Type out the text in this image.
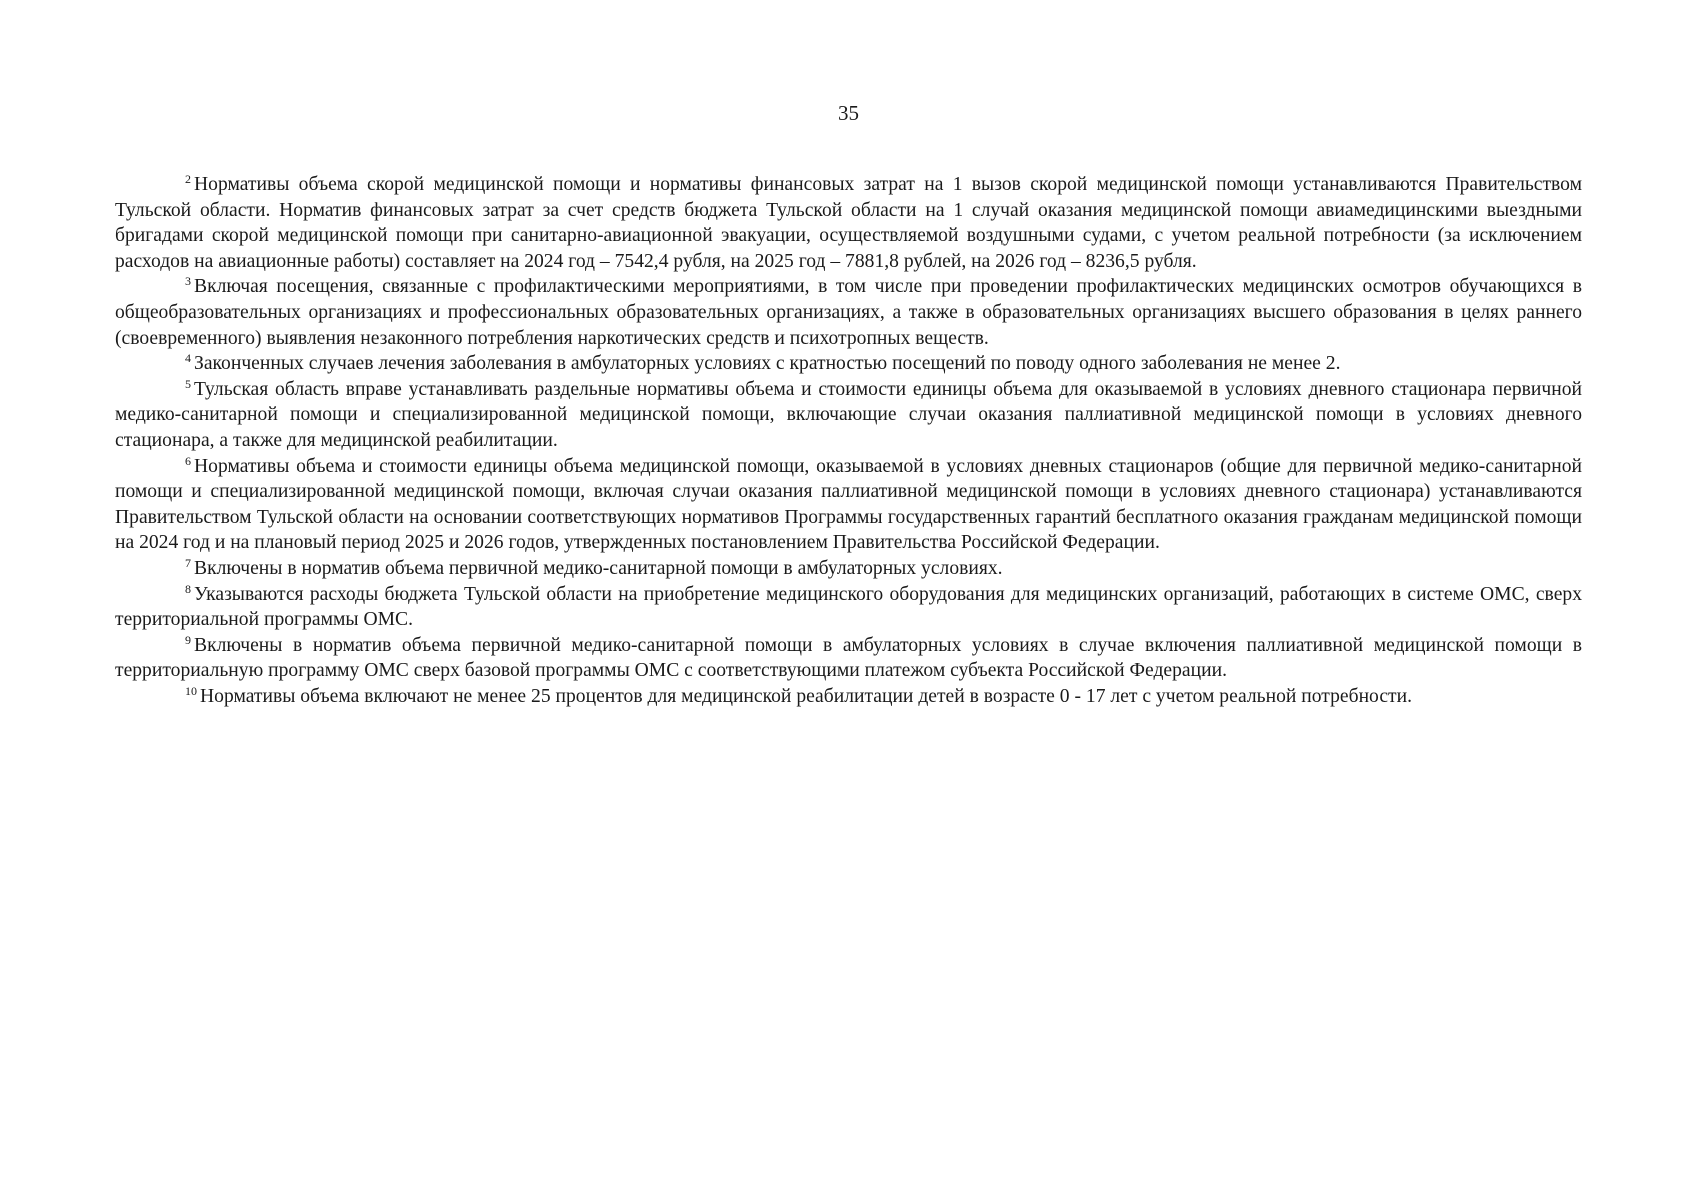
35

$^2$ Нормативы объема скорой медицинской помощи и нормативы финансовых затрат на 1 вызов скорой медицинской помощи устанавливаются Правительством Тульской области. Норматив финансовых затрат за счет средств бюджета Тульской области на 1 случай оказания медицинской помощи авиамедицинскими выездными бригадами скорой медицинской помощи при санитарно-авиационной эвакуации, осуществляемой воздушными судами, с учетом реальной потребности (за исключением расходов на авиационные работы) составляет на 2024 год – 7542,4 рубля, на 2025 год – 7881,8 рублей, на 2026 год – 8236,5 рубля.

$^3$ Включая посещения, связанные с профилактическими мероприятиями, в том числе при проведении профилактических медицинских осмотров обучающихся в общеобразовательных организациях и профессиональных образовательных организациях, а также в образовательных организациях высшего образования в целях раннего (своевременного) выявления незаконного потребления наркотических средств и психотропных веществ.

$^4$ Законченных случаев лечения заболевания в амбулаторных условиях с кратностью посещений по поводу одного заболевания не менее 2.

$^5$ Тульская область вправе устанавливать раздельные нормативы объема и стоимости единицы объема для оказываемой в условиях дневного стационара первичной медико-санитарной помощи и специализированной медицинской помощи, включающие случаи оказания паллиативной медицинской помощи в условиях дневного стационара, а также для медицинской реабилитации.

$^6$ Нормативы объема и стоимости единицы объема медицинской помощи, оказываемой в условиях дневных стационаров (общие для первичной медико-санитарной помощи и специализированной медицинской помощи, включая случаи оказания паллиативной медицинской помощи в условиях дневного стационара) устанавливаются Правительством Тульской области на основании соответствующих нормативов Программы государственных гарантий бесплатного оказания гражданам медицинской помощи на 2024 год и на плановый период 2025 и 2026 годов, утвержденных постановлением Правительства Российской Федерации.

$^7$ Включены в норматив объема первичной медико-санитарной помощи в амбулаторных условиях.

$^8$ Указываются расходы бюджета Тульской области на приобретение медицинского оборудования для медицинских организаций, работающих в системе ОМС, сверх территориальной программы ОМС.

$^9$ Включены в норматив объема первичной медико-санитарной помощи в амбулаторных условиях в случае включения паллиативной медицинской помощи в территориальную программу ОМС сверх базовой программы ОМС с соответствующими платежом субъекта Российской Федерации.

$^{10}$ Нормативы объема включают не менее 25 процентов для медицинской реабилитации детей в возрасте 0 - 17 лет с учетом реальной потребности.
